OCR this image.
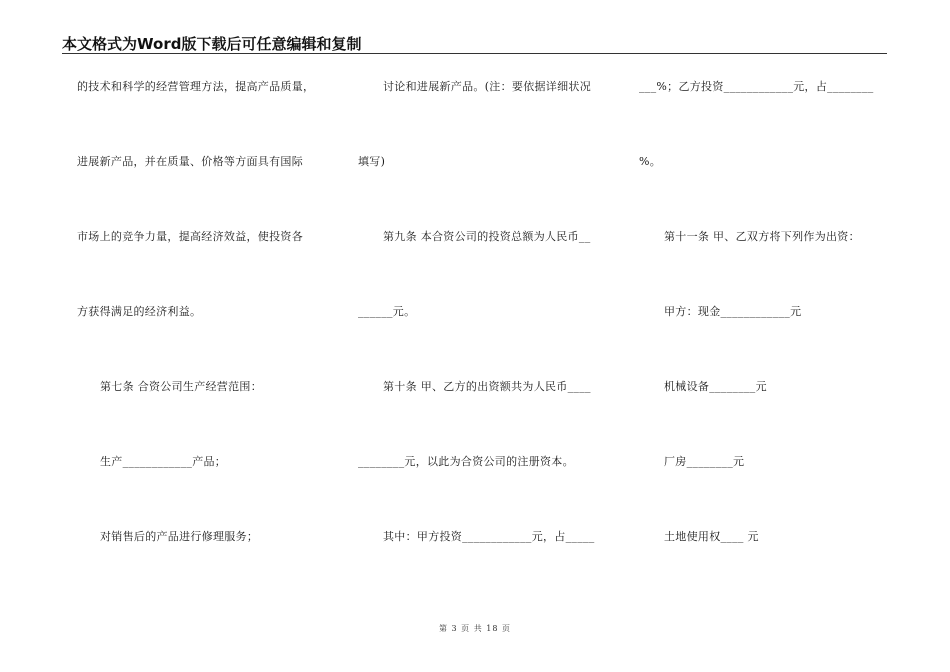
本文格式为Word版下载后可任意编辑和复制
的技术和科学的经营管理方法，提高产品质量，
进展新产品，并在质量、价格等方面具有国际
市场上的竞争力量，提高经济效益，使投资各
方获得满足的经济利益。
第七条 合资公司生产经营范围：
生产____________产品；
对销售后的产品进行修理服务；
讨论和进展新产品。(注：要依据详细状况
填写)
第九条 本合资公司的投资总额为人民币__
______元。
第十条 甲、乙方的出资额共为人民币____
________元，以此为合资公司的注册资本。
其中：甲方投资____________元，占_____
___%；乙方投资____________元，占________
%。
第十一条 甲、乙双方将下列作为出资：
甲方：现金____________元
机械设备________元
厂房________元
土地使用权____ 元
第 3 页 共 18 页
